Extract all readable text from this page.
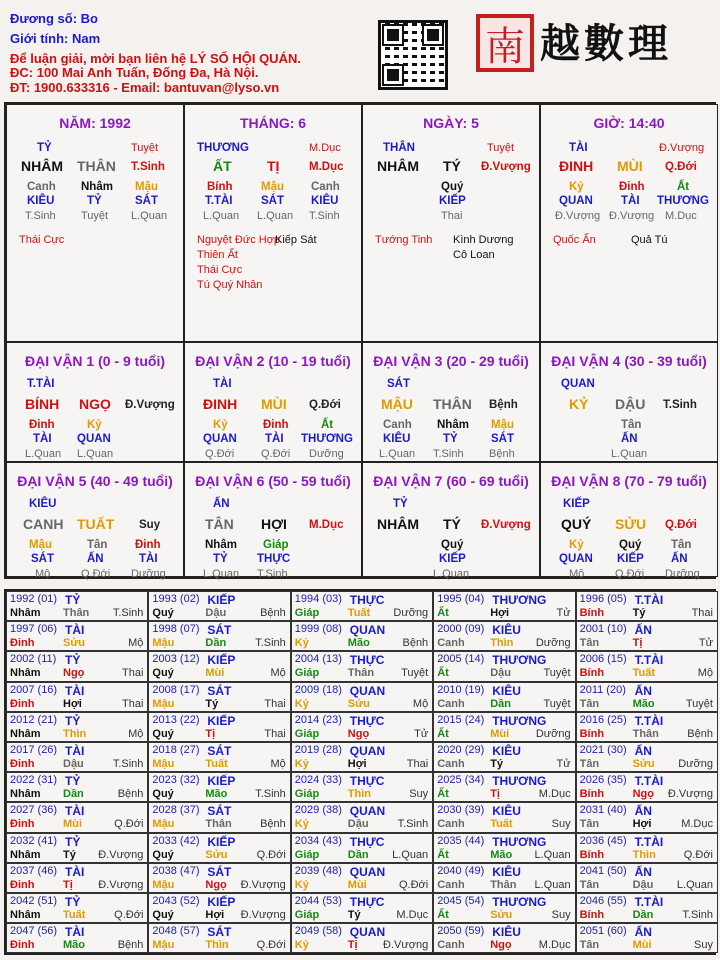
Đương số: Bo
Giới tính: Nam
Để luận giải, mời bạn liên hệ LÝ SỐ HỘI QUÁN.
ĐC: 100 Mai Anh Tuấn, Đống Đa, Hà Nội.
ĐT: 1900.633316 - Email: bantuvan@lyso.vn
南 越數理
NĂM: 1992
TỶ	Tuyệt
NHÂM THÂN T.Sinh
Canh Nhâm Mậu
KIÊU	TỶ	SÁT
T.Sinh Tuyệt L.Quan
Thái Cực
THÁNG: 6
THƯƠNG	M.Dục
ẤT	TỊ	M.Dục
Bính Mậu Canh
T.TÀI SÁT KIÊU
L.Quan L.Quan T.Sinh
Nguyệt Đức Hợp
Kiếp Sát
Thiên Ất
Thái Cực
Tú Quý Nhân
NGÀY: 5
THÂN	Tuyệt
NHÂM TÝ Đ.Vượng
Quý
KIẾP
Thai
Tướng Tinh Kình Dương
Cô Loan
GIỜ: 14:40
TÀI	Đ.Vượng
ĐINH MÙI Q.Đới
Kỷ	Đinh	Ất
QUAN TÀI THƯƠNG
Đ.Vượng Đ.Vượng M.Dục
Quốc Ấn	Quả Tú
ĐẠI VẬN 1 (0 - 9 tuổi)
T.TÀI
BÍNH NGỌ Đ.Vượng
Đinh	Kỷ
TÀI QUAN
L.Quan L.Quan
ĐẠI VẬN 2 (10 - 19 tuổi)
TÀI
ĐINH MÙI Q.Đới
Kỷ	Đinh	Ất
QUAN TÀI THƯƠNG
Q.Đới Q.Đới Dưỡng
ĐẠI VẬN 3 (20 - 29 tuổi)
SÁT
MẬU THÂN Bệnh
Canh Nhâm Mậu
KIÊU	TỶ	SÁT
L.Quan T.Sinh Bệnh
ĐẠI VẬN 4 (30 - 39 tuổi)
QUAN
KỶ DẬU T.Sinh
Tân
ẤN
L.Quan
ĐẠI VẬN 5 (40 - 49 tuổi)
KIÊU
CANH TUẤT Suy
Mậu	Tân Đinh
SÁT	ẤN	TÀI
Mộ	Q.Đới Dưỡng
ĐẠI VẬN 6 (50 - 59 tuổi)
ẤN
TÂN HỢI M.Dục
Nhâm Giáp
TỶ	THỰC
L.Quan T.Sinh
ĐẠI VẬN 7 (60 - 69 tuổi)
TỶ
NHÂM TÝ Đ.Vượng
Quý
KIẾP
L.Quan
ĐẠI VẬN 8 (70 - 79 tuổi)
KIẾP
QUÝ SỬU Q.Đới
Kỷ	Quý	Tân
QUAN KIẾP ẤN
Mộ	Q.Đới Dưỡng
1992 (01) TỶ
Nhâm Thân T.Sinh
1993 (02) KIẾP
Quý	Dậu	Bệnh
1994 (03) THỰC
Giáp	Tuất Dưỡng
1995 (04) THƯƠNG
Ất	Hợi	Tử
1996 (05) T.TÀI
Bính	Tý	Thai
1997 (06) TÀI
Đinh	Sửu	Mộ
1998 (07) SÁT
Mậu	Dần	T.Sinh
1999 (08) QUAN
Kỷ	Mão	Bệnh
2000 (09) KIÊU
Canh Thìn Dưỡng
2001 (10) ẤN
Tân	Tị	Tử
2002 (11) TỶ
Nhâm Ngọ	Thai
2003 (12) KIẾP
Quý	Mùi	Mộ
2004 (13) THỰC
Giáp	Thân Tuyệt
2005 (14) THƯƠNG
Ất	Dậu	Tuyệt
2006 (15) T.TÀI
Bính	Tuất	Mộ
2007 (16) TÀI
Đinh	Hợi	Thai
2008 (17) SÁT
Mậu	Tý	Thai
2009 (18) QUAN
Kỷ	Sửu	Mộ
2010 (19) KIÊU
Canh Dần	Tuyệt
2011 (20) ẤN
Tân	Mão	Tuyệt
2012 (21) TỶ
Nhâm Thìn	Mộ
2013 (22) KIẾP
Quý	Tị	Thai
2014 (23) THỰC
Giáp	Ngọ	Tử
2015 (24) THƯƠNG
Ất	Mùi Dưỡng
2016 (25) T.TÀI
Bính	Thân	Bệnh
2017 (26) TÀI
Đinh	Dậu	T.Sinh
2018 (27) SÁT
Mậu	Tuất	Mộ
2019 (28) QUAN
Kỷ	Hợi	Thai
2020 (29) KIÊU
Canh Tý	Tử
2021 (30) ẤN
Tân	Sửu Dưỡng
2022 (31) TỶ
Nhâm Dần	Bệnh
2023 (32) KIẾP
Quý	Mão	T.Sinh
2024 (33) THỰC
Giáp	Thìn	Suy
2025 (34) THƯƠNG
Ất	Tị	M.Dục
2026 (35) T.TÀI
Bính	Ngọ Đ.Vượng
2027 (36) TÀI
Đinh	Mùi	Q.Đới
2028 (37) SÁT
Mậu	Thân	Bệnh
2029 (38) QUAN
Kỷ	Dậu	T.Sinh
2030 (39) KIÊU
Canh Tuất	Suy
2031 (40) ẤN
Tân	Hợi	M.Dục
2032 (41) TỶ
Nhâm Tý Đ.Vượng
2033 (42) KIẾP
Quý	Sửu	Q.Đới
2034 (43) THỰC
Giáp	Dần L.Quan
2035 (44) THƯƠNG
Ất	Mão L.Quan
2036 (45) T.TÀI
Bính	Thìn	Q.Đới
2037 (46) TÀI
Đinh	Tị Đ.Vượng
2038 (47) SÁT
Mậu	Ngọ Đ.Vượng
2039 (48) QUAN
Kỷ	Mùi	Q.Đới
2040 (49) KIÊU
Canh Thân L.Quan
2041 (50) ẤN
Tân	Dậu L.Quan
2042 (51) TỶ
Nhâm Tuất	Q.Đới
2043 (52) KIẾP
Quý	Hợi Đ.Vượng
2044 (53) THỰC
Giáp	Tý	M.Dục
2045 (54) THƯƠNG
Ất	Sửu	Suy
2046 (55) T.TÀI
Bính	Dần	T.Sinh
2047 (56) TÀI
Đinh	Mão	Bệnh
2048 (57) SÁT
Mậu	Thìn	Q.Đới
2049 (58) QUAN
Kỷ	Tị Đ.Vượng
2050 (59) KIÊU
Canh Ngọ M.Dục
2051 (60) ẤN
Tân	Mùi	Suy
